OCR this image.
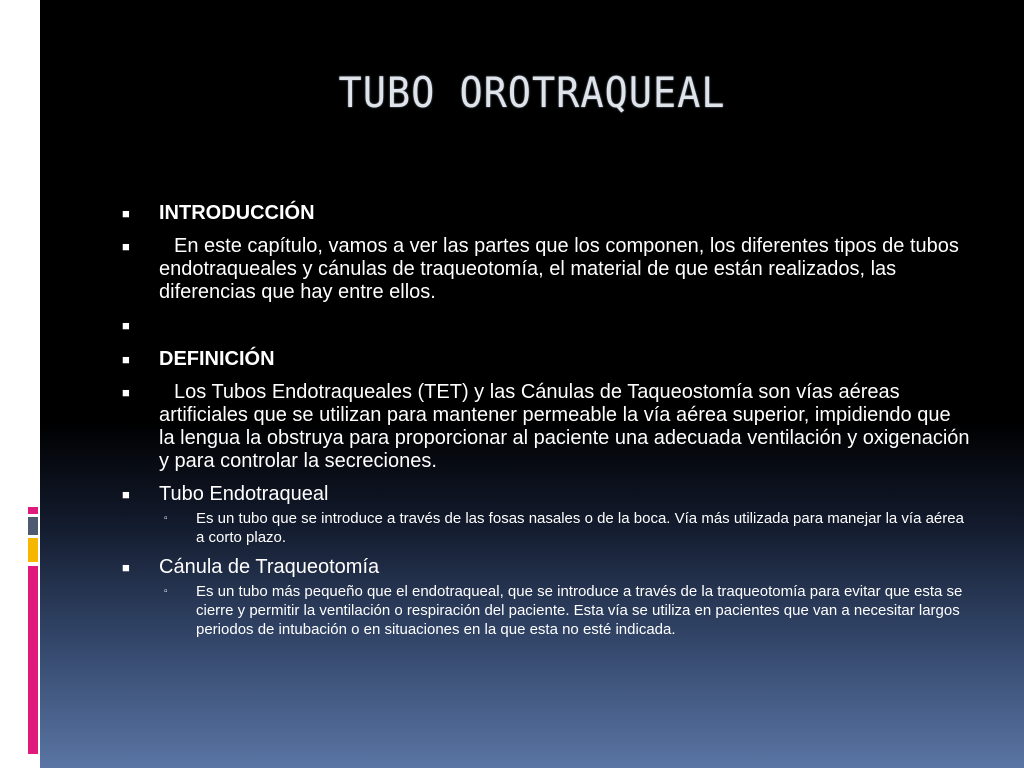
TUBO OROTRAQUEAL
■ INTRODUCCIÓN
■ En este capítulo, vamos a ver las partes que los componen, los diferentes tipos de tubos endotraqueales y cánulas de traqueotomía, el material de que están realizados, las diferencias que hay entre ellos.
■
■ DEFINICIÓN
■ Los Tubos Endotraqueales (TET) y las Cánulas de Taqueostomía son vías aéreas artificiales que se utilizan para mantener permeable la vía aérea superior, impidiendo que la lengua la obstruya para proporcionar al paciente una adecuada ventilación y oxigenación y para controlar la secreciones.
■ Tubo Endotraqueal
▫ Es un tubo que se introduce a través de las fosas nasales o de la boca. Vía más utilizada para manejar la vía aérea a corto plazo.
■ Cánula de Traqueotomía
▫ Es un tubo más pequeño que el endotraqueal, que se introduce a través de la traqueotomía para evitar que esta se cierre y permitir la ventilación o respiración del paciente. Esta vía se utiliza en pacientes que van a necesitar largos periodos de intubación o en situaciones en la que esta no esté indicada.
